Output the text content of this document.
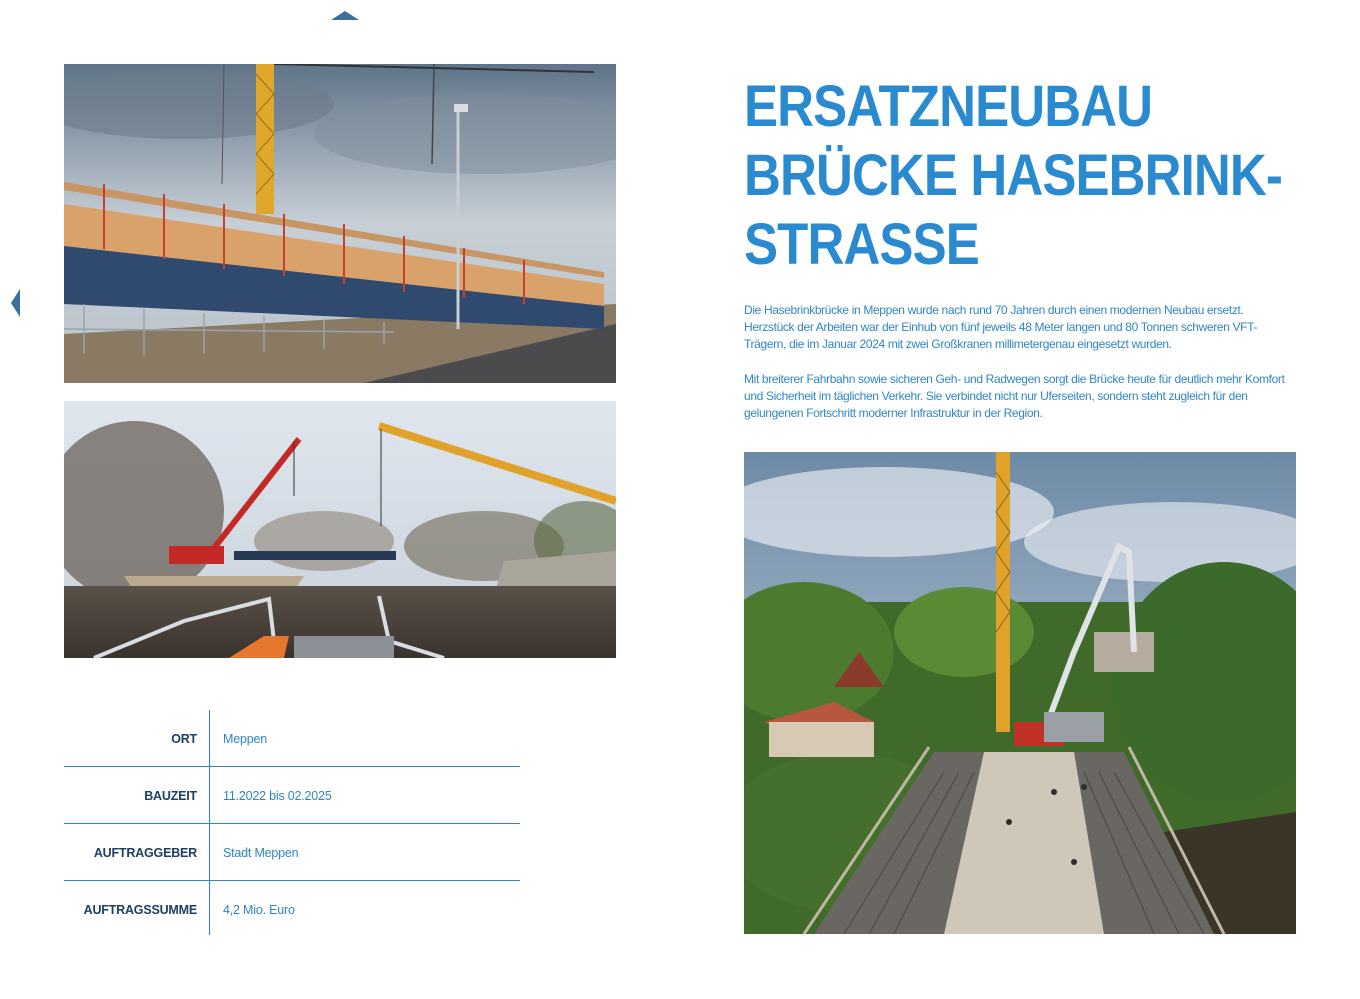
ORT Meppen
BAUZEIT 11.2022 bis 02.2025
AUFTRAGGEBER Stadt Meppen
AUFTRAGSSUMME 4,2 Mio. Euro
ERSATZNEUBAU
BRÜCKE HASEBRINK-
STRASSE

Die Hasebrinkbrücke in Meppen wurde nach rund 70 Jahren durch einen modernen Neubau ersetzt. Herzstück der Arbeiten war der Einhub von fünf jeweils 48 Meter langen und 80 Tonnen schweren VFT-Trägern, die im Januar 2024 mit zwei Großkranen millimetergenau eingesetzt wurden.

Mit breiterer Fahrbahn sowie sicheren Geh- und Radwegen sorgt die Brücke heute für deutlich mehr Komfort und Sicherheit im täglichen Verkehr. Sie verbindet nicht nur Uferseiten, sondern steht zugleich für den gelungenen Fortschritt moderner Infrastruktur in der Region.
